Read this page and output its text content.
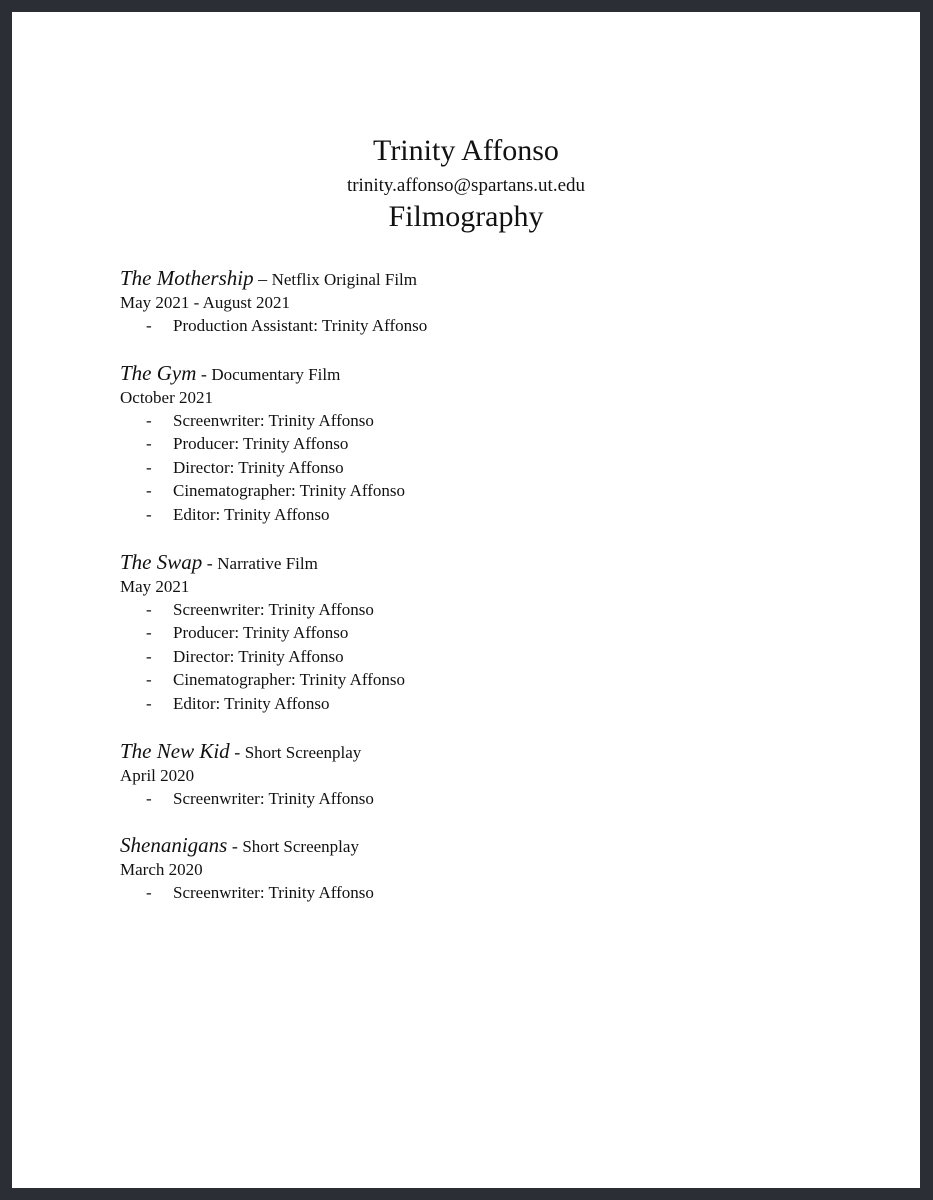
Trinity Affonso
trinity.affonso@spartans.ut.edu
Filmography
The Mothership – Netflix Original Film
May 2021 - August 2021
- Production Assistant: Trinity Affonso
The Gym - Documentary Film
October 2021
- Screenwriter: Trinity Affonso
- Producer: Trinity Affonso
- Director: Trinity Affonso
- Cinematographer: Trinity Affonso
- Editor: Trinity Affonso
The Swap - Narrative Film
May 2021
- Screenwriter: Trinity Affonso
- Producer: Trinity Affonso
- Director: Trinity Affonso
- Cinematographer: Trinity Affonso
- Editor: Trinity Affonso
The New Kid - Short Screenplay
April 2020
- Screenwriter: Trinity Affonso
Shenanigans - Short Screenplay
March 2020
- Screenwriter: Trinity Affonso
